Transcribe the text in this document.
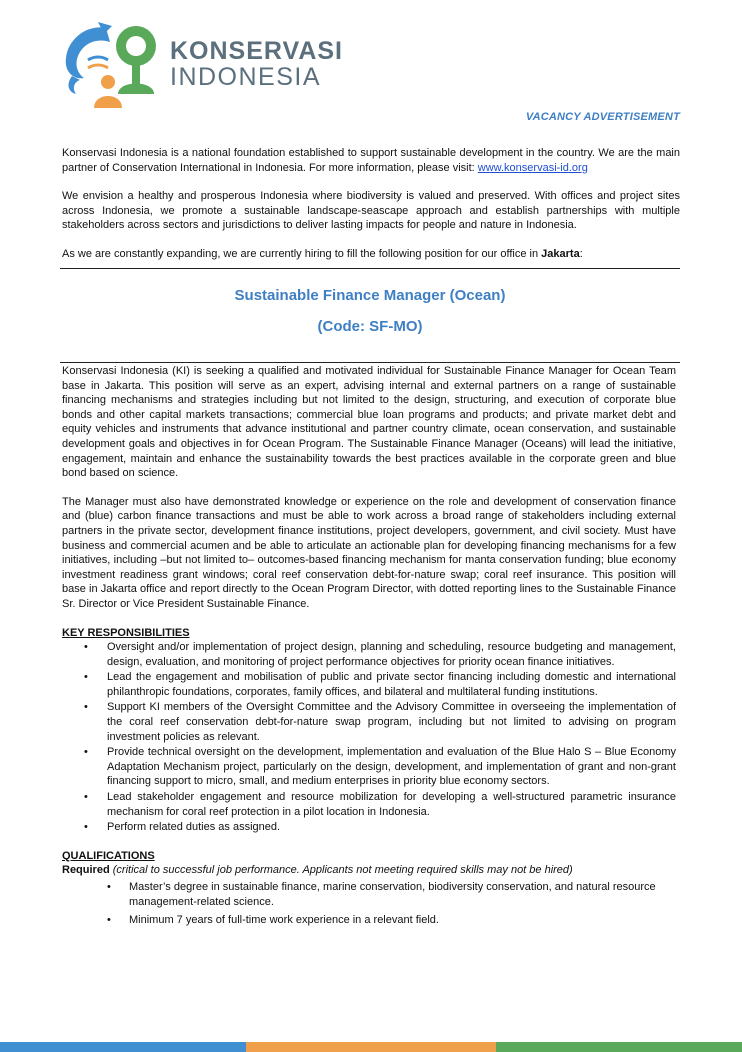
KONSERVASI
INDONESIA
VACANCY ADVERTISEMENT

Konservasi Indonesia is a national foundation established to support sustainable development in the country. We are the main partner of Conservation International in Indonesia. For more information, please visit: www.konservasi-id.org

We envision a healthy and prosperous Indonesia where biodiversity is valued and preserved. With offices and project sites across Indonesia, we promote a sustainable landscape-seascape approach and establish partnerships with multiple stakeholders across sectors and jurisdictions to deliver lasting impacts for people and nature in Indonesia.

As we are constantly expanding, we are currently hiring to fill the following position for our office in Jakarta:

Sustainable Finance Manager (Ocean)
(Code: SF-MO)

Konservasi Indonesia (KI) is seeking a qualified and motivated individual for Sustainable Finance Manager for Ocean Team base in Jakarta. This position will serve as an expert, advising internal and external partners on a range of sustainable financing mechanisms and strategies including but not limited to the design, structuring, and execution of corporate blue bonds and other capital markets transactions; commercial blue loan programs and products; and private market debt and equity vehicles and instruments that advance institutional and partner country climate, ocean conservation, and sustainable development goals and objectives in for Ocean Program. The Sustainable Finance Manager (Oceans) will lead the initiative, engagement, maintain and enhance the sustainability towards the best practices available in the corporate green and blue bond based on science.

The Manager must also have demonstrated knowledge or experience on the role and development of conservation finance and (blue) carbon finance transactions and must be able to work across a broad range of stakeholders including external partners in the private sector, development finance institutions, project developers, government, and civil society. Must have business and commercial acumen and be able to articulate an actionable plan for developing financing mechanisms for a few initiatives, including –but not limited to– outcomes-based financing mechanism for manta conservation funding; blue economy investment readiness grant windows; coral reef conservation debt-for-nature swap; coral reef insurance. This position will base in Jakarta office and report directly to the Ocean Program Director, with dotted reporting lines to the Sustainable Finance Sr. Director or Vice President Sustainable Finance.

KEY RESPONSIBILITIES

• Oversight and/or implementation of project design, planning and scheduling, resource budgeting and management, design, evaluation, and monitoring of project performance objectives for priority ocean finance initiatives.
• Lead the engagement and mobilisation of public and private sector financing including domestic and international philanthropic foundations, corporates, family offices, and bilateral and multilateral funding institutions.
• Support KI members of the Oversight Committee and the Advisory Committee in overseeing the implementation of the coral reef conservation debt-for-nature swap program, including but not limited to advising on program investment policies as relevant.
• Provide technical oversight on the development, implementation and evaluation of the Blue Halo S – Blue Economy Adaptation Mechanism project, particularly on the design, development, and implementation of grant and non-grant financing support to micro, small, and medium enterprises in priority blue economy sectors.
• Lead stakeholder engagement and resource mobilization for developing a well-structured parametric insurance mechanism for coral reef protection in a pilot location in Indonesia.
• Perform related duties as assigned.

QUALIFICATIONS

Required (critical to successful job performance. Applicants not meeting required skills may not be hired)

• Master’s degree in sustainable finance, marine conservation, biodiversity conservation, and natural resource management-related science.
• Minimum 7 years of full-time work experience in a relevant field.
